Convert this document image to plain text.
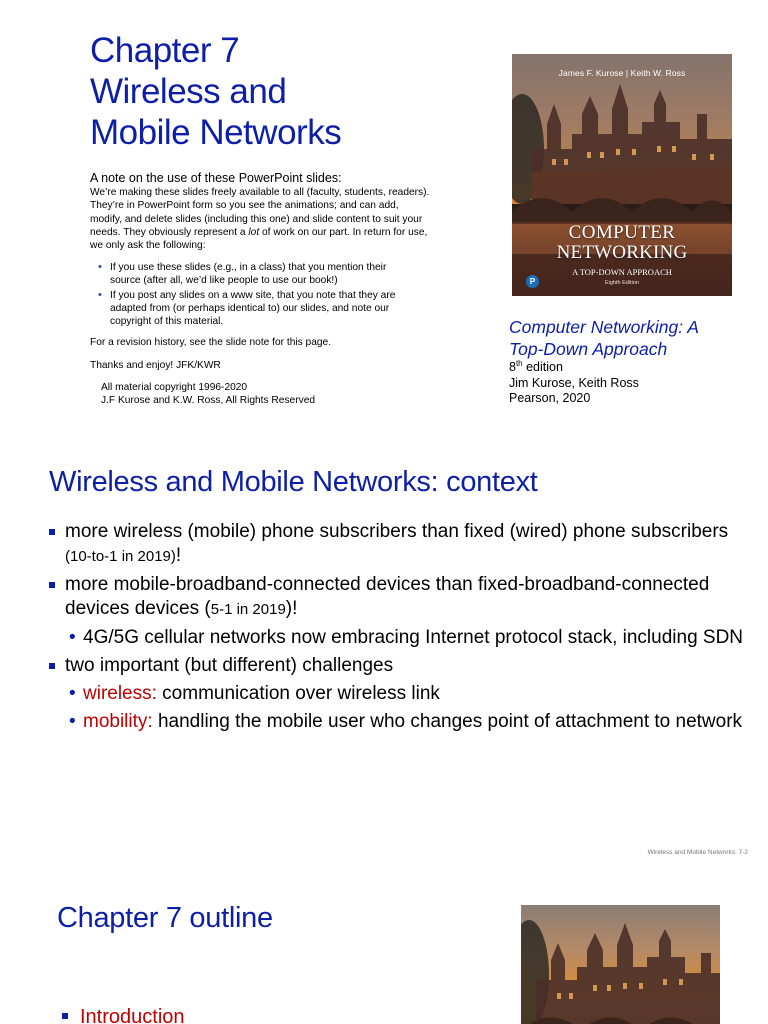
Chapter 7
Wireless and
Mobile Networks
A note on the use of these PowerPoint slides:
We’re making these slides freely available to all (faculty, students, readers). They’re in PowerPoint form so you see the animations; and can add, modify, and delete slides (including this one) and slide content to suit your needs. They obviously represent a lot of work on our part. In return for use, we only ask the following:
• If you use these slides (e.g., in a class) that you mention their source (after all, we’d like people to use our book!)
• If you post any slides on a www site, that you note that they are adapted from (or perhaps identical to) our slides, and note our copyright of this material.
For a revision history, see the slide note for this page.
Thanks and enjoy! JFK/KWR
All material copyright 1996-2020
J.F Kurose and K.W. Ross, All Rights Reserved
James F. Kurose | Keith W. Ross
COMPUTER
NETWORKING
A TOP-DOWN APPROACH
Eighth Edition
P
Computer Networking: A
Top-Down Approach
8th edition
Jim Kurose, Keith Ross
Pearson, 2020
Wireless and Mobile Networks: context
more wireless (mobile) phone subscribers than fixed (wired) phone subscribers (10-to-1 in 2019)!
more mobile-broadband-connected devices than fixed-broadband-connected devices devices (5-1 in 2019)!
• 4G/5G cellular networks now embracing Internet protocol stack, including SDN
two important (but different) challenges
• wireless: communication over wireless link
• mobility: handling the mobile user who changes point of attachment to network
Wireless and Mobile Networks: 7-2
Chapter 7 outline
Introduction
